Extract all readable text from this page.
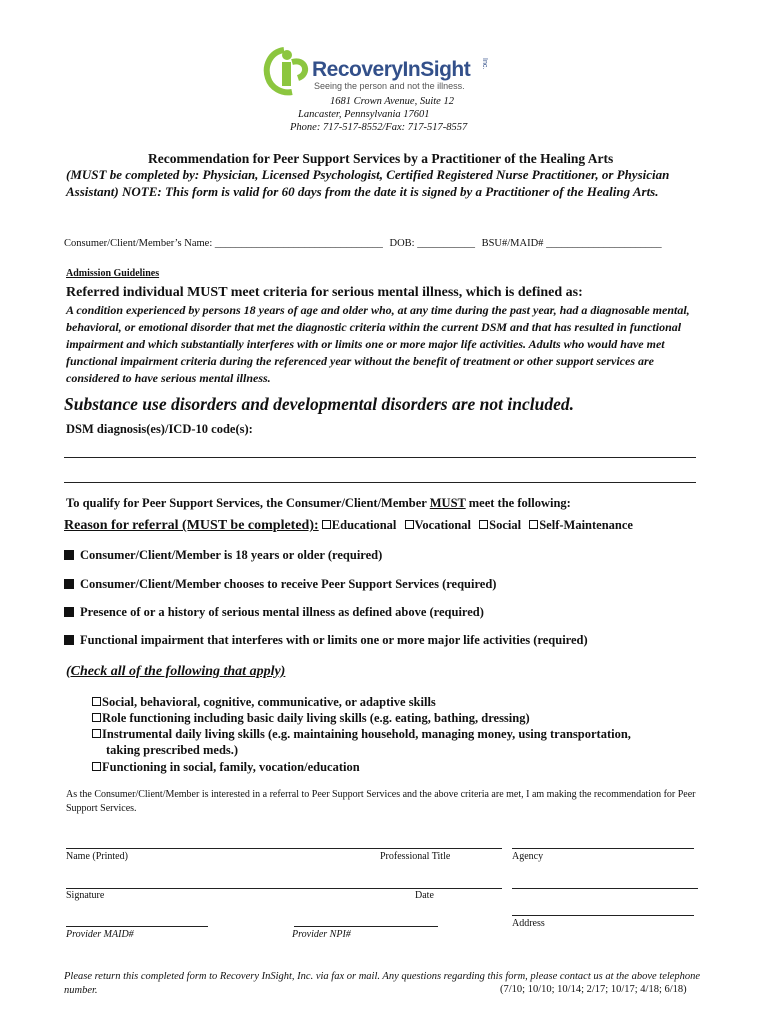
RecoveryInSight Inc.
Seeing the person and not the illness.
1681 Crown Avenue, Suite 12
Lancaster, Pennsylvania 17601
Phone: 717-517-8552/Fax: 717-517-8557
Recommendation for Peer Support Services by a Practitioner of the Healing Arts
(MUST be completed by: Physician, Licensed Psychologist, Certified Registered Nurse Practitioner, or Physician Assistant) NOTE: This form is valid for 60 days from the date it is signed by a Practitioner of the Healing Arts.
Consumer/Client/Member’s Name: ________________________________ DOB: ___________ BSU#/MAID# ______________________
Admission Guidelines
Referred individual MUST meet criteria for serious mental illness, which is defined as:
A condition experienced by persons 18 years of age and older who, at any time during the past year, had a diagnosable mental, behavioral, or emotional disorder that met the diagnostic criteria within the current DSM and that has resulted in functional impairment and which substantially interferes with or limits one or more major life activities. Adults who would have met functional impairment criteria during the referenced year without the benefit of treatment or other support services are considered to have serious mental illness.
Substance use disorders and developmental disorders are not included.
DSM diagnosis(es)/ICD-10 code(s):
To qualify for Peer Support Services, the Consumer/Client/Member MUST meet the following:
Reason for referral (MUST be completed): Educational Vocational Social Self-Maintenance
Consumer/Client/Member is 18 years or older (required)
Consumer/Client/Member chooses to receive Peer Support Services (required)
Presence of or a history of serious mental illness as defined above (required)
Functional impairment that interferes with or limits one or more major life activities (required)
(Check all of the following that apply)
Social, behavioral, cognitive, communicative, or adaptive skills
Role functioning including basic daily living skills (e.g. eating, bathing, dressing)
Instrumental daily living skills (e.g. maintaining household, managing money, using transportation,
taking prescribed meds.)
Functioning in social, family, vocation/education
As the Consumer/Client/Member is interested in a referral to Peer Support Services and the above criteria are met, I am making the recommendation for Peer Support Services.
Name (Printed)	Professional Title	Agency
Signature	Date
Address
Provider MAID#	Provider NPI#
Please return this completed form to Recovery InSight, Inc. via fax or mail. Any questions regarding this form, please contact us at the above telephone number.	(7/10; 10/10; 10/14; 2/17; 10/17; 4/18; 6/18)
